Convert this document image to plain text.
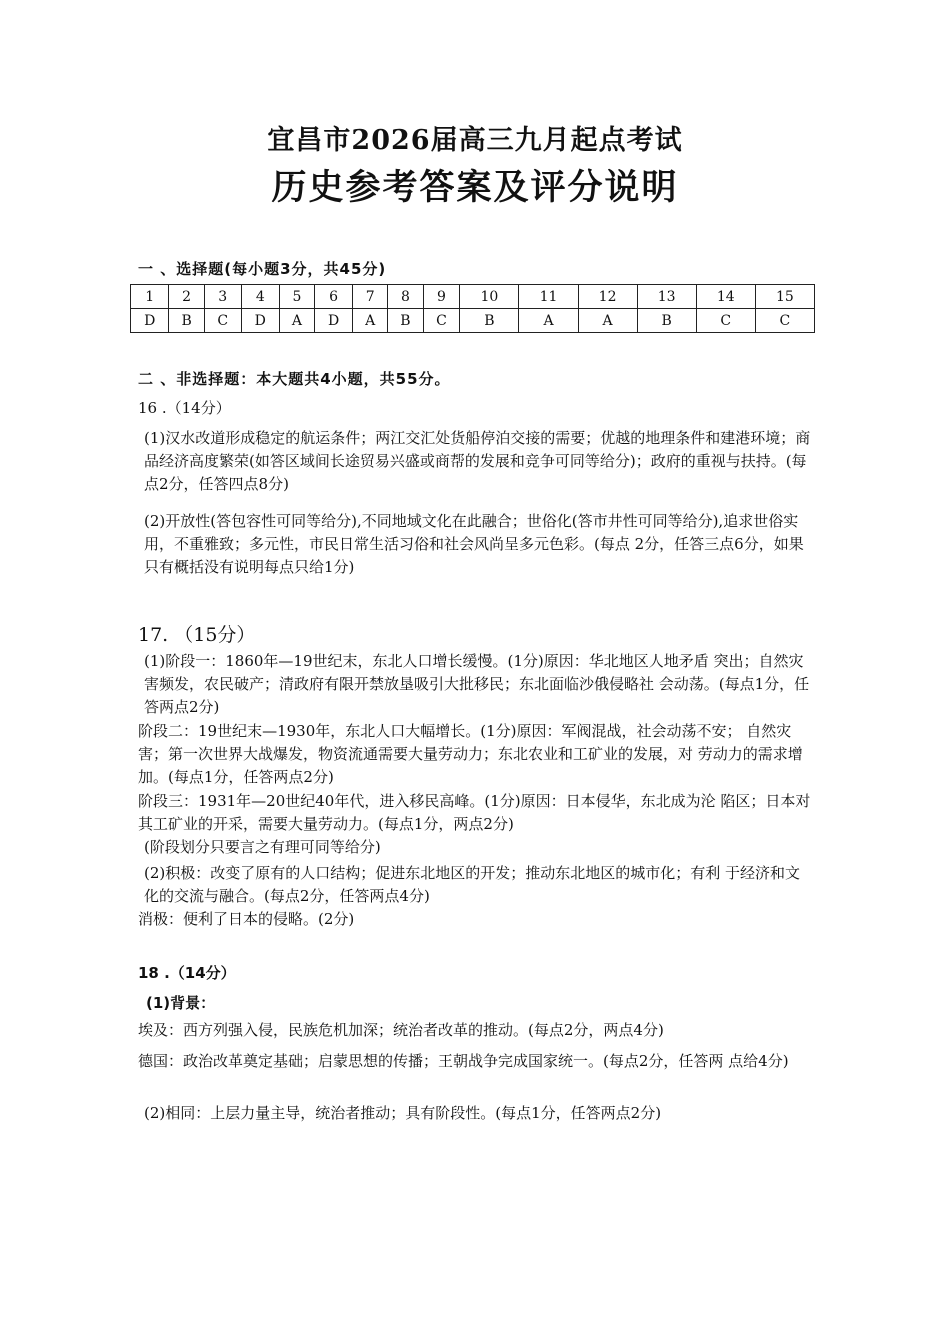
宜昌市2026届高三九月起点考试
历史参考答案及评分说明
一 、选择题(每小题3分，共45分)
1	2	3	4	5	6	7	8	9	10	11	12	13	14	15
D	B	C	D	A	D	A	B	C	B	A	A	B	C	C
二 、非选择题：本大题共4小题，共55分。
16 .（14分）
(1)汉水改道形成稳定的航运条件；两江交汇处货船停泊交接的需要；优越的地理条件和建港环境；商品经济高度繁荣(如答区域间长途贸易兴盛或商帮的发展和竞争可同等给分)；政府的重视与扶持。(每点2分，任答四点8分)
(2)开放性(答包容性可同等给分),不同地域文化在此融合；世俗化(答市井性可同等给分),追求世俗实用，不重雅致；多元性，市民日常生活习俗和社会风尚呈多元色彩。(每点 2分，任答三点6分，如果只有概括没有说明每点只给1分)
17. （15分）
(1)阶段一：1860年—19世纪末，东北人口增长缓慢。(1分)原因：华北地区人地矛盾 突出；自然灾害频发，农民破产；清政府有限开禁放垦吸引大批移民；东北面临沙俄侵略社 会动荡。(每点1分，任答两点2分)
阶段二：19世纪末—1930年，东北人口大幅增长。(1分)原因：军阀混战，社会动荡不安； 自然灾害；第一次世界大战爆发，物资流通需要大量劳动力；东北农业和工矿业的发展，对 劳动力的需求增加。(每点1分，任答两点2分)
阶段三：1931年—20世纪40年代，进入移民高峰。(1分)原因：日本侵华，东北成为沦 陷区；日本对其工矿业的开采，需要大量劳动力。(每点1分，两点2分)
(阶段划分只要言之有理可同等给分)
(2)积极：改变了原有的人口结构；促进东北地区的开发；推动东北地区的城市化；有利 于经济和文化的交流与融合。(每点2分，任答两点4分)
消极：便利了日本的侵略。(2分)
18 .（14分）
(1)背景：
埃及：西方列强入侵，民族危机加深；统治者改革的推动。(每点2分，两点4分)
德国：政治改革奠定基础；启蒙思想的传播；王朝战争完成国家统一。(每点2分，任答两 点给4分)
(2)相同：上层力量主导，统治者推动；具有阶段性。(每点1分，任答两点2分)
